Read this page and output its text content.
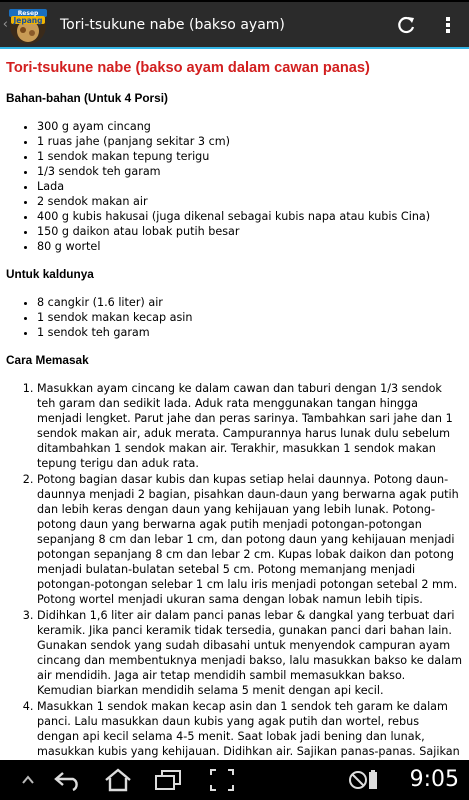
‹
Resep
Jepang Tori-tsukune nabe (bakso ayam)
Tori-tsukune nabe (bakso ayam dalam cawan panas)
Bahan-bahan (Untuk 4 Porsi)
• 300 g ayam cincang
• 1 ruas jahe (panjang sekitar 3 cm)
• 1 sendok makan tepung terigu
• 1/3 sendok teh garam
• Lada
• 2 sendok makan air
• 400 g kubis hakusai (juga dikenal sebagai kubis napa atau kubis Cina)
• 150 g daikon atau lobak putih besar
• 80 g wortel
Untuk kaldunya
• 8 cangkir (1.6 liter) air
• 1 sendok makan kecap asin
• 1 sendok teh garam
Cara Memasak
1. Masukkan ayam cincang ke dalam cawan dan taburi dengan 1/3 sendok teh garam dan sedikit lada. Aduk rata menggunakan tangan hingga menjadi lengket. Parut jahe dan peras sarinya. Tambahkan sari jahe dan 1 sendok makan air, aduk merata. Campurannya harus lunak dulu sebelum ditambahkan 1 sendok makan air. Terakhir, masukkan 1 sendok makan tepung terigu dan aduk rata.
2. Potong bagian dasar kubis dan kupas setiap helai daunnya. Potong daun-daunnya menjadi 2 bagian, pisahkan daun-daun yang berwarna agak putih dan lebih keras dengan daun yang kehijauan yang lebih lunak. Potong-potong daun yang berwarna agak putih menjadi potongan-potongan sepanjang 8 cm dan lebar 1 cm, dan potong daun yang kehijauan menjadi potongan sepanjang 8 cm dan lebar 2 cm. Kupas lobak daikon dan potong menjadi bulatan-bulatan setebal 5 cm. Potong memanjang menjadi potongan-potongan selebar 1 cm lalu iris menjadi potongan setebal 2 mm. Potong wortel menjadi ukuran sama dengan lobak namun lebih tipis.
3. Didihkan 1,6 liter air dalam panci panas lebar & dangkal yang terbuat dari keramik. Jika panci keramik tidak tersedia, gunakan panci dari bahan lain. Gunakan sendok yang sudah dibasahi untuk menyendok campuran ayam cincang dan membentuknya menjadi bakso, lalu masukkan bakso ke dalam air mendidih. Jaga air tetap mendidih sambil memasukkan bakso. Kemudian biarkan mendidih selama 5 menit dengan api kecil.
4. Masukkan 1 sendok makan kecap asin dan 1 sendok teh garam ke dalam panci. Lalu masukkan daun kubis yang agak putih dan wortel, rebus dengan api kecil selama 4-5 menit. Saat lobak jadi bening dan lunak, masukkan kubis yang kehijauan. Didihkan air. Sajikan panas-panas. Sajikan
9:05
